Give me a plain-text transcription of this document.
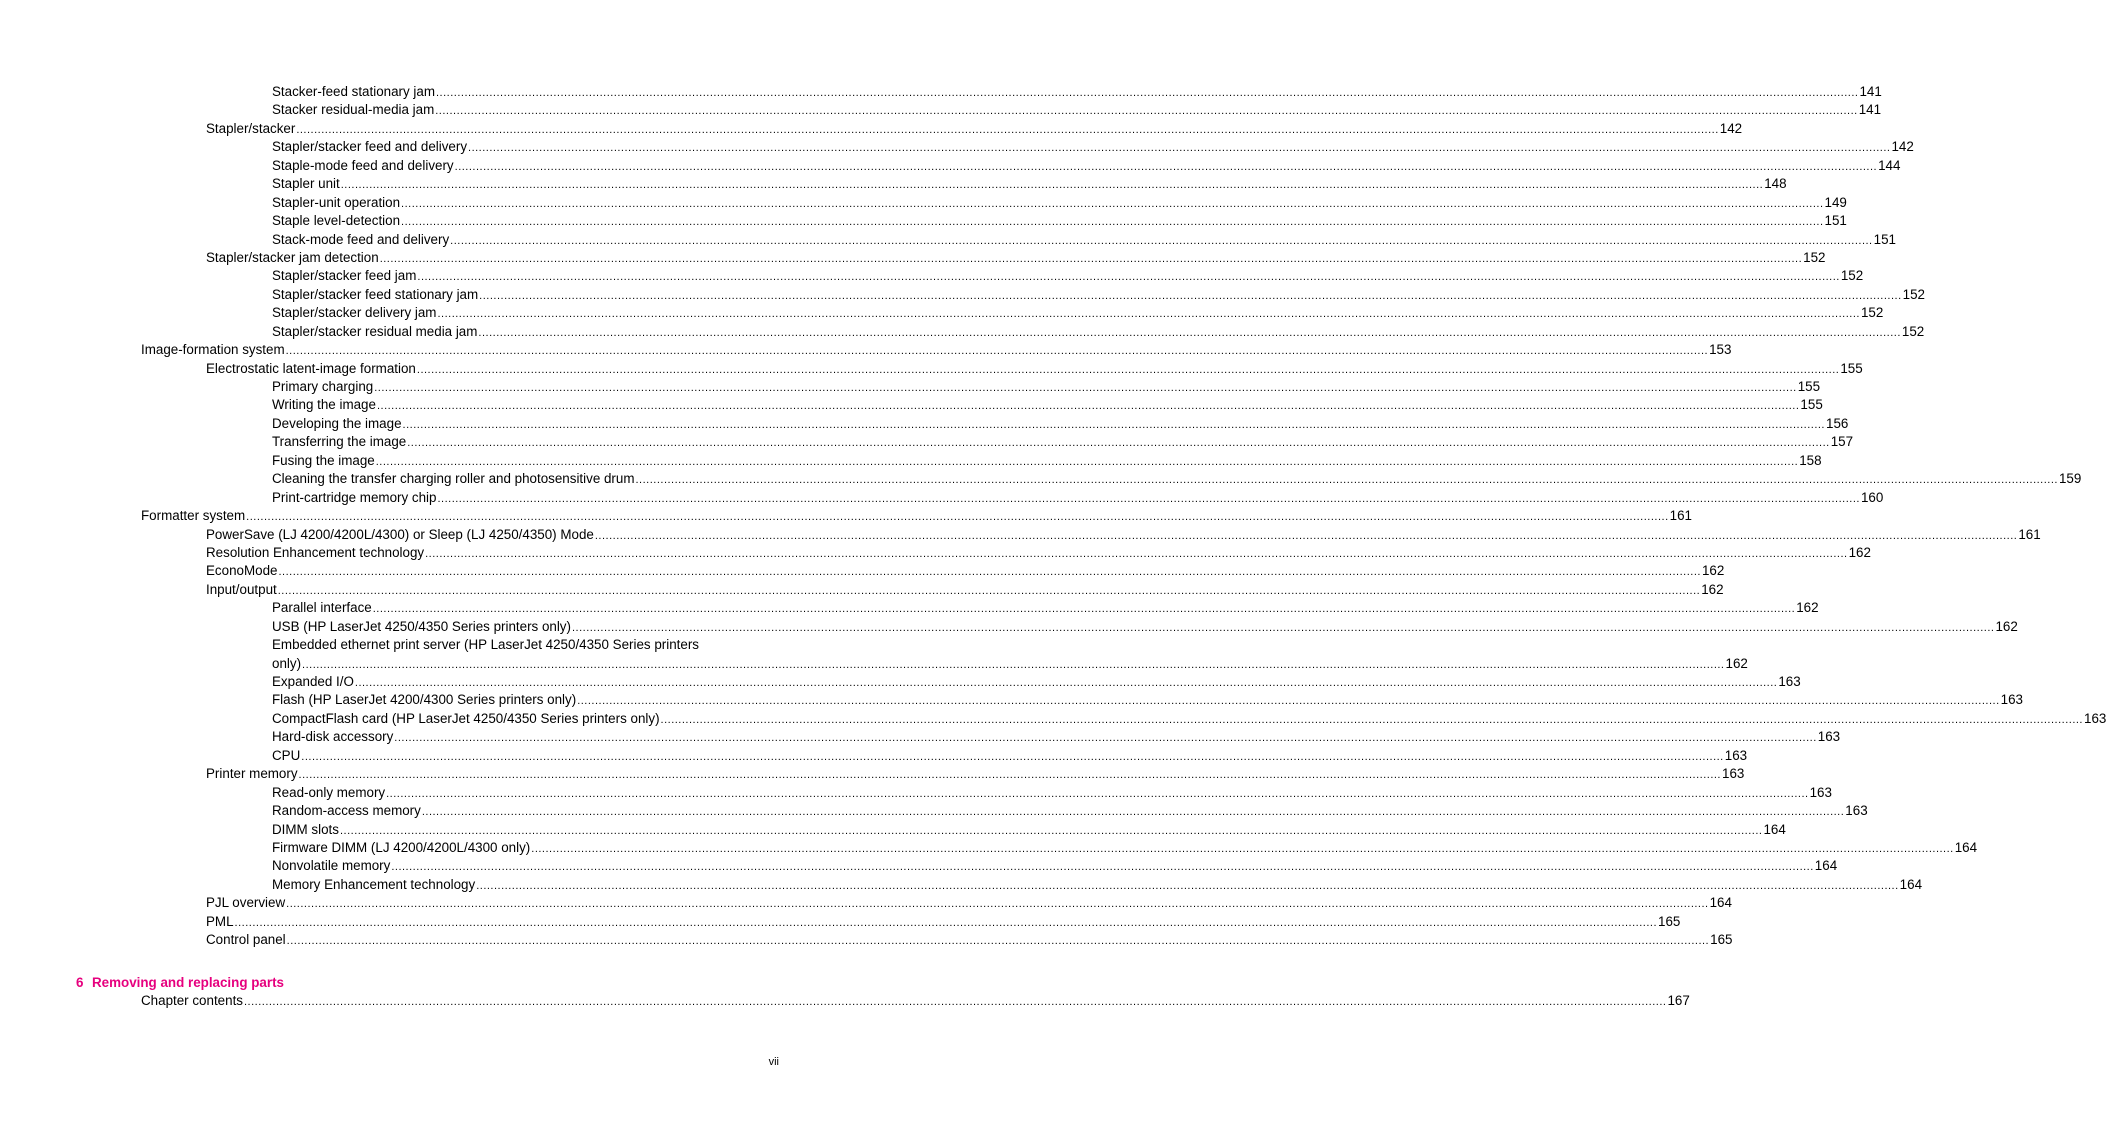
Stacker-feed stationary jam ................................................................................................................................................................................................................................................................................................................................................................................................................ 141
Stacker residual-media jam ................................................................................................................................................................................................................................................................................................................................................................................................................ 141
Stapler/stacker ................................................................................................................................................................................................................................................................................................................................................................................................................ 142
Stapler/stacker feed and delivery ................................................................................................................................................................................................................................................................................................................................................................................................................ 142
Staple-mode feed and delivery ................................................................................................................................................................................................................................................................................................................................................................................................................ 144
Stapler unit ................................................................................................................................................................................................................................................................................................................................................................................................................ 148
Stapler-unit operation ................................................................................................................................................................................................................................................................................................................................................................................................................ 149
Staple level-detection ................................................................................................................................................................................................................................................................................................................................................................................................................ 151
Stack-mode feed and delivery ................................................................................................................................................................................................................................................................................................................................................................................................................ 151
Stapler/stacker jam detection ................................................................................................................................................................................................................................................................................................................................................................................................................ 152
Stapler/stacker feed jam ................................................................................................................................................................................................................................................................................................................................................................................................................ 152
Stapler/stacker feed stationary jam ................................................................................................................................................................................................................................................................................................................................................................................................................ 152
Stapler/stacker delivery jam ................................................................................................................................................................................................................................................................................................................................................................................................................ 152
Stapler/stacker residual media jam ................................................................................................................................................................................................................................................................................................................................................................................................................ 152
Image-formation system ................................................................................................................................................................................................................................................................................................................................................................................................................ 153
Electrostatic latent-image formation ................................................................................................................................................................................................................................................................................................................................................................................................................ 155
Primary charging ................................................................................................................................................................................................................................................................................................................................................................................................................ 155
Writing the image ................................................................................................................................................................................................................................................................................................................................................................................................................ 155
Developing the image ................................................................................................................................................................................................................................................................................................................................................................................................................ 156
Transferring the image ................................................................................................................................................................................................................................................................................................................................................................................................................ 157
Fusing the image ................................................................................................................................................................................................................................................................................................................................................................................................................ 158
Cleaning the transfer charging roller and photosensitive drum ................................................................................................................................................................................................................................................................................................................................................................................................................ 159
Print-cartridge memory chip ................................................................................................................................................................................................................................................................................................................................................................................................................ 160
Formatter system ................................................................................................................................................................................................................................................................................................................................................................................................................ 161
PowerSave (LJ 4200/4200L/4300) or Sleep (LJ 4250/4350) Mode ................................................................................................................................................................................................................................................................................................................................................................................................................ 161
Resolution Enhancement technology ................................................................................................................................................................................................................................................................................................................................................................................................................ 162
EconoMode ................................................................................................................................................................................................................................................................................................................................................................................................................ 162
Input/output ................................................................................................................................................................................................................................................................................................................................................................................................................ 162
Parallel interface ................................................................................................................................................................................................................................................................................................................................................................................................................ 162
USB (HP LaserJet 4250/4350 Series printers only) ................................................................................................................................................................................................................................................................................................................................................................................................................ 162
Embedded ethernet print server (HP LaserJet 4250/4350 Series printers
only) ................................................................................................................................................................................................................................................................................................................................................................................................................ 162
Expanded I/O ................................................................................................................................................................................................................................................................................................................................................................................................................ 163
Flash (HP LaserJet 4200/4300 Series printers only) ................................................................................................................................................................................................................................................................................................................................................................................................................ 163
CompactFlash card (HP LaserJet 4250/4350 Series printers only) ................................................................................................................................................................................................................................................................................................................................................................................................................ 163
Hard-disk accessory ................................................................................................................................................................................................................................................................................................................................................................................................................ 163
CPU ................................................................................................................................................................................................................................................................................................................................................................................................................ 163
Printer memory ................................................................................................................................................................................................................................................................................................................................................................................................................ 163
Read-only memory ................................................................................................................................................................................................................................................................................................................................................................................................................ 163
Random-access memory ................................................................................................................................................................................................................................................................................................................................................................................................................ 163
DIMM slots ................................................................................................................................................................................................................................................................................................................................................................................................................ 164
Firmware DIMM (LJ 4200/4200L/4300 only) ................................................................................................................................................................................................................................................................................................................................................................................................................ 164
Nonvolatile memory ................................................................................................................................................................................................................................................................................................................................................................................................................ 164
Memory Enhancement technology ................................................................................................................................................................................................................................................................................................................................................................................................................ 164
PJL overview ................................................................................................................................................................................................................................................................................................................................................................................................................ 164
PML ................................................................................................................................................................................................................................................................................................................................................................................................................ 165
Control panel ................................................................................................................................................................................................................................................................................................................................................................................................................ 165
6 Removing and replacing parts
Chapter contents ................................................................................................................................................................................................................................................................................................................................................................................................................ 167
vii
